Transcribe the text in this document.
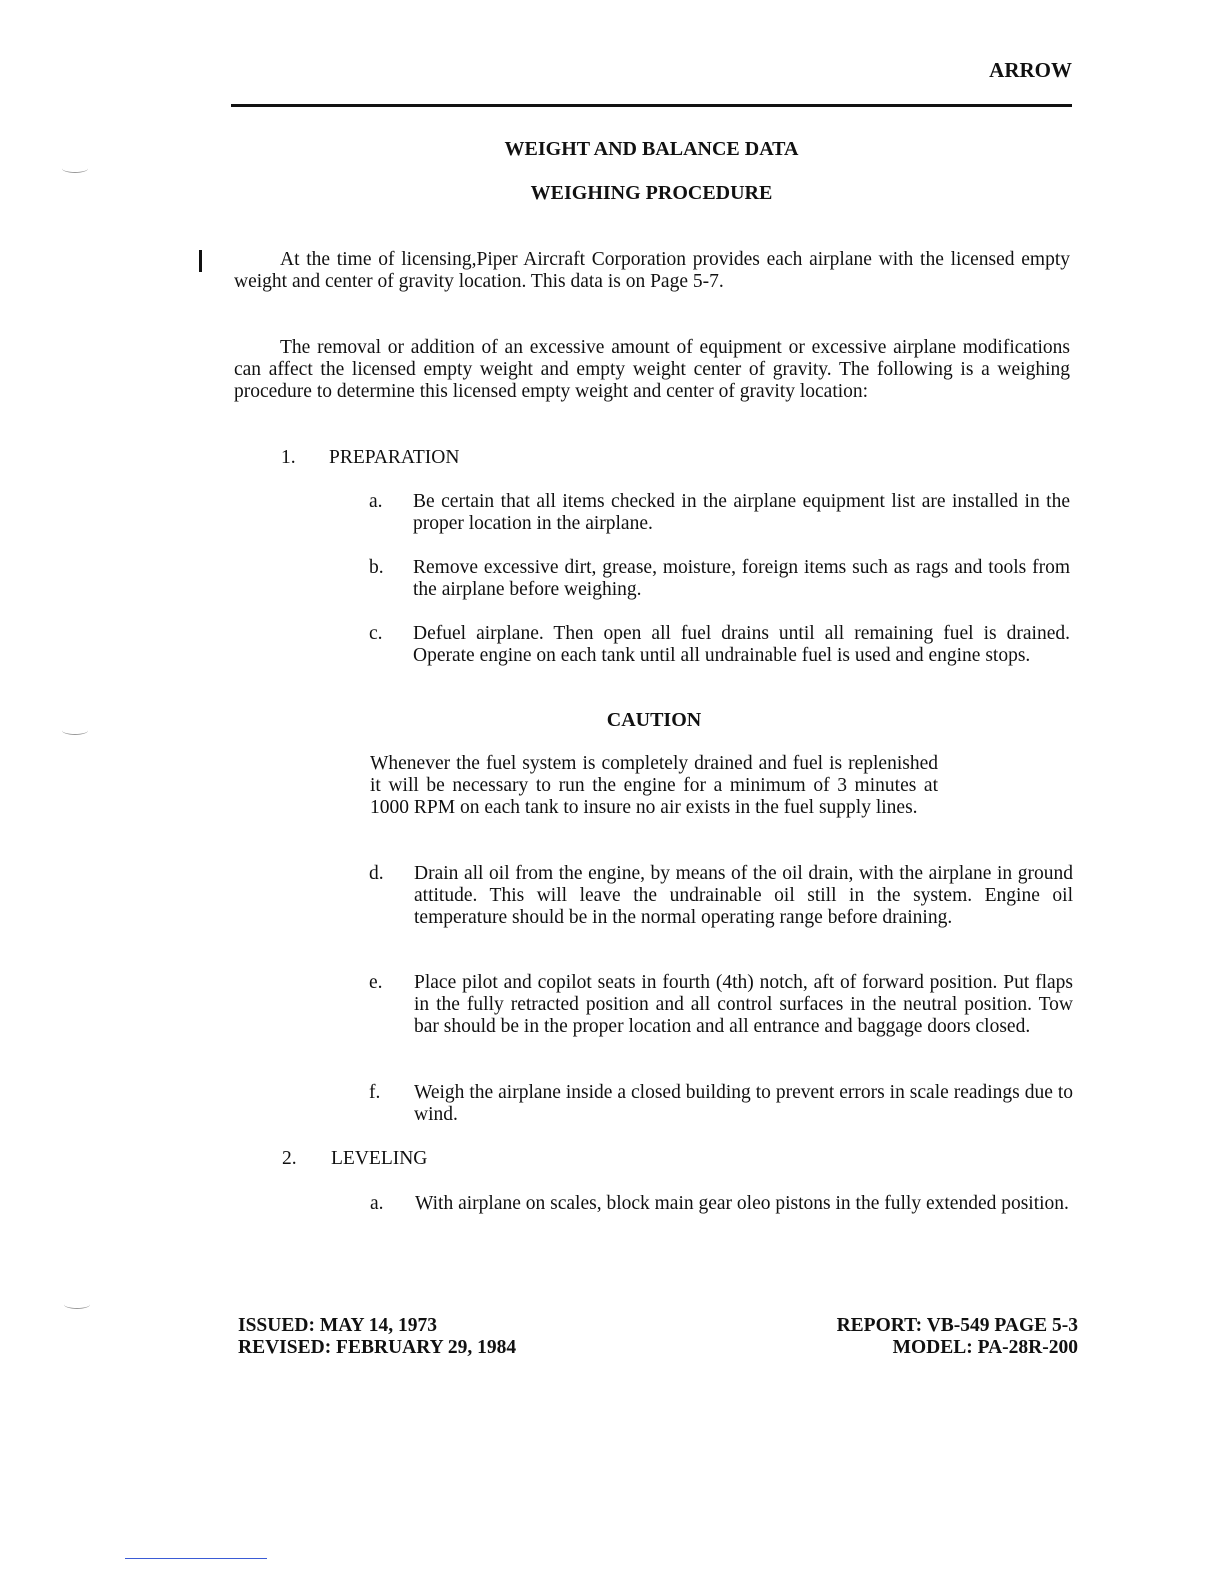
ARROW
WEIGHT AND BALANCE DATA
WEIGHING PROCEDURE
At the time of licensing,Piper Aircraft Corporation provides each airplane with the licensed empty weight and center of gravity location. This data is on Page 5-7.
The removal or addition of an excessive amount of equipment or excessive airplane modifications can affect the licensed empty weight and empty weight center of gravity. The following is a weighing procedure to determine this licensed empty weight and center of gravity location:
1. PREPARATION
a. Be certain that all items checked in the airplane equipment list are installed in the proper location in the airplane.
b. Remove excessive dirt, grease, moisture, foreign items such as rags and tools from the airplane before weighing.
c. Defuel airplane. Then open all fuel drains until all remaining fuel is drained. Operate engine on each tank until all undrainable fuel is used and engine stops.
CAUTION
Whenever the fuel system is completely drained and fuel is replenished it will be necessary to run the engine for a minimum of 3 minutes at 1000 RPM on each tank to insure no air exists in the fuel supply lines.
d. Drain all oil from the engine, by means of the oil drain, with the airplane in ground attitude. This will leave the undrainable oil still in the system. Engine oil temperature should be in the normal operating range before draining.
e. Place pilot and copilot seats in fourth (4th) notch, aft of forward position. Put flaps in the fully retracted position and all control surfaces in the neutral position. Tow bar should be in the proper location and all entrance and baggage doors closed.
f. Weigh the airplane inside a closed building to prevent errors in scale readings due to wind.
2. LEVELING
a. With airplane on scales, block main gear oleo pistons in the fully extended position.
ISSUED: MAY 14, 1973
REVISED: FEBRUARY 29, 1984
REPORT: VB-549 PAGE 5-3
MODEL: PA-28R-200
